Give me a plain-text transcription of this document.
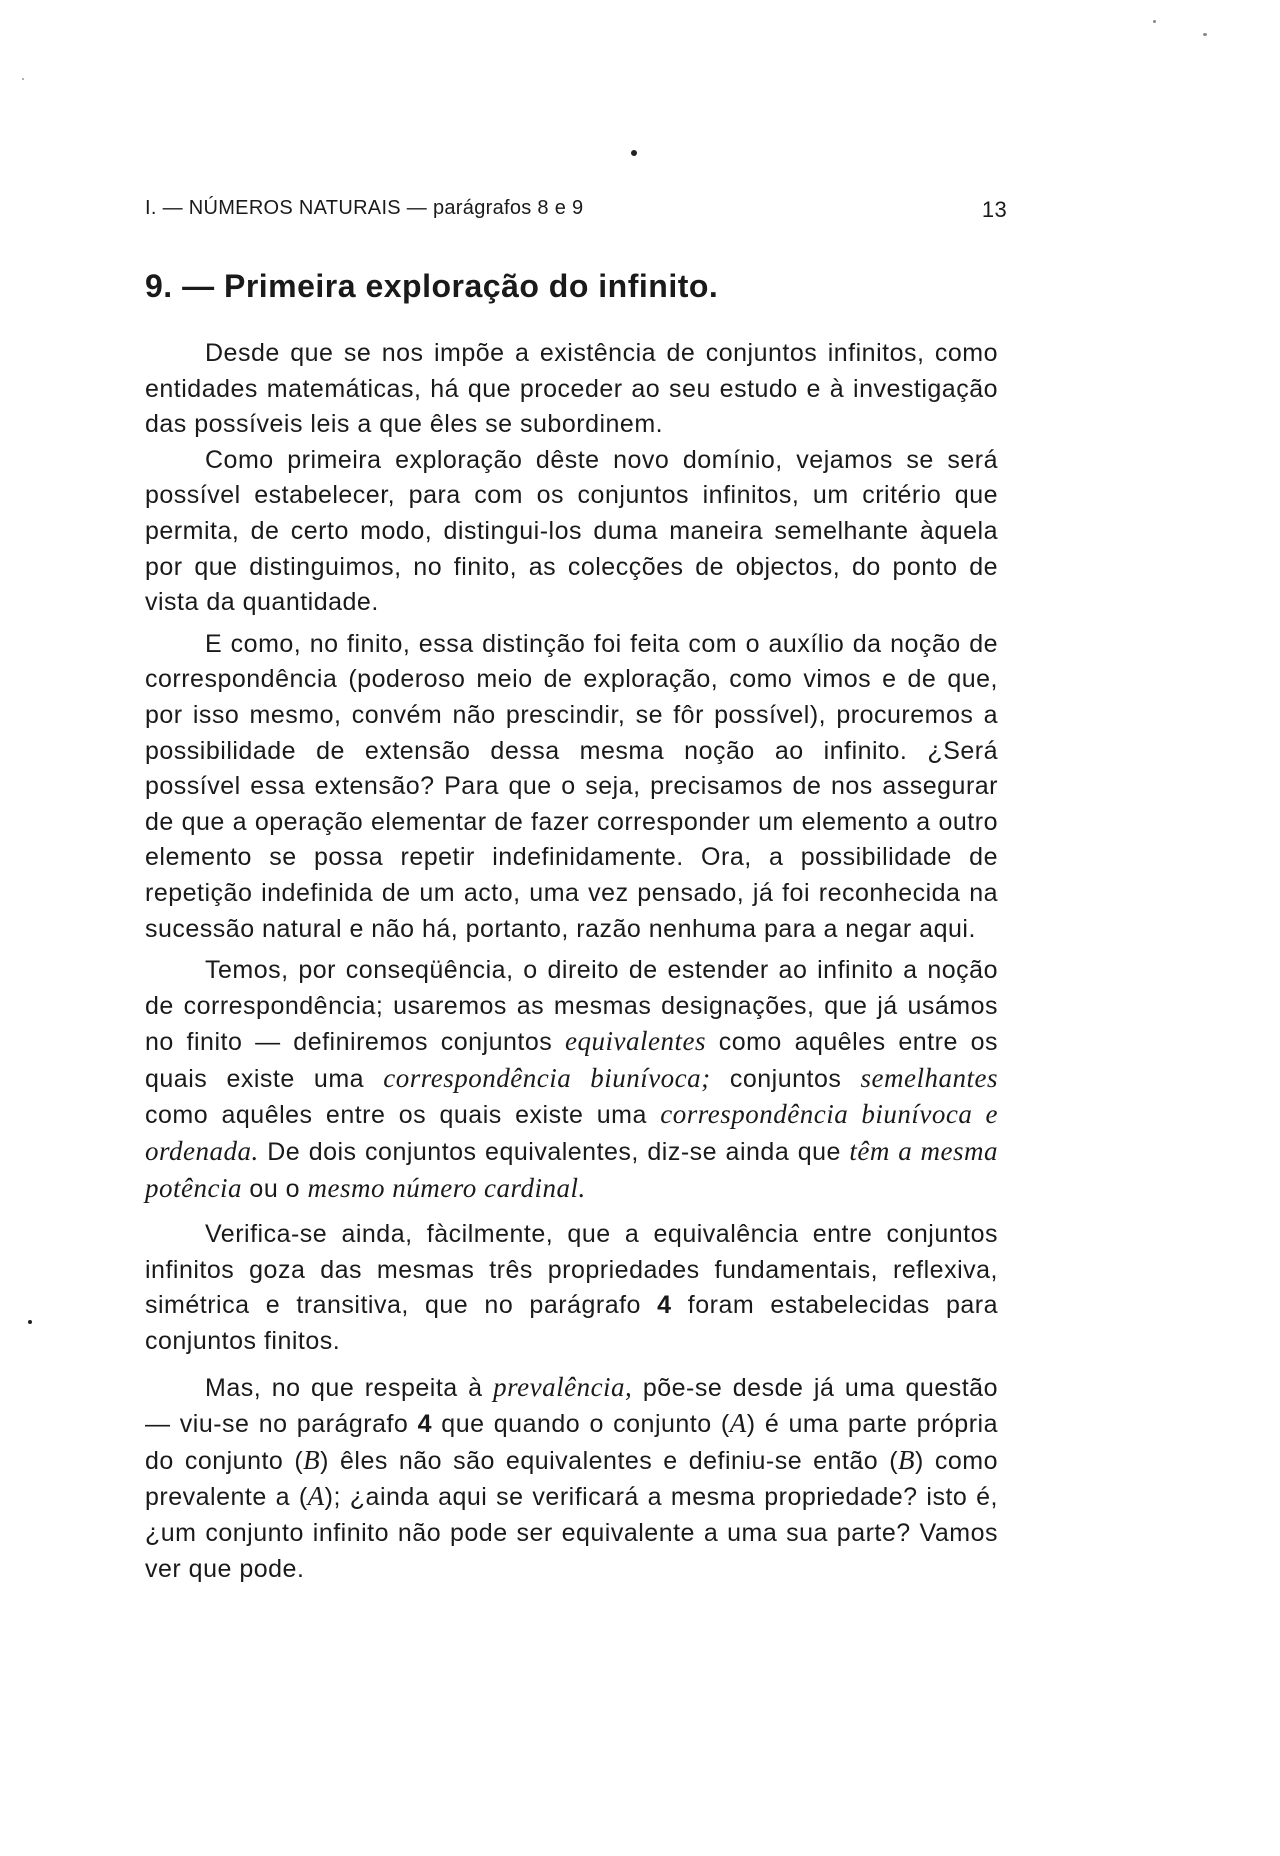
I. — NÚMEROS NATURAIS — parágrafos 8 e 9	13
9. — Primeira exploração do infinito.

Desde que se nos impõe a existência de conjuntos infinitos, como entidades matemáticas, há que proceder ao seu estudo e à investigação das possíveis leis a que êles se subordinem.

Como primeira exploração dêste novo domínio, vejamos se será possível estabelecer, para com os conjuntos infinitos, um critério que permita, de certo modo, distingui-los duma maneira semelhante àquela por que distinguimos, no finito, as colecções de objectos, do ponto de vista da quantidade.

E como, no finito, essa distinção foi feita com o auxílio da noção de correspondência (poderoso meio de exploração, como vimos e de que, por isso mesmo, convém não prescindir, se fôr possível), procuremos a possibilidade de extensão dessa mesma noção ao infinito. ¿Será possível essa extensão? Para que o seja, precisamos de nos assegurar de que a operação elementar de fazer corresponder um elemento a outro elemento se possa repetir indefinidamente. Ora, a possibilidade de repetição indefinida de um acto, uma vez pensado, já foi reconhecida na sucessão natural e não há, portanto, razão nenhuma para a negar aqui.

Temos, por conseqüência, o direito de estender ao infinito a noção de correspondência; usaremos as mesmas designações, que já usámos no finito — definiremos conjuntos equivalentes como aquêles entre os quais existe uma correspondência biunívoca; conjuntos semelhantes como aquêles entre os quais existe uma correspondência biunívoca e ordenada. De dois conjuntos equivalentes, diz-se ainda que têm a mesma potência ou o mesmo número cardinal.

Verifica-se ainda, fàcilmente, que a equivalência entre conjuntos infinitos goza das mesmas três propriedades fundamentais, reflexiva, simétrica e transitiva, que no parágrafo 4 foram estabelecidas para conjuntos finitos.

Mas, no que respeita à prevalência, põe-se desde já uma questão — viu-se no parágrafo 4 que quando o conjunto (A) é uma parte própria do conjunto (B) êles não são equivalentes e definiu-se então (B) como prevalente a (A); ¿ainda aqui se verificará a mesma propriedade? isto é, ¿um conjunto infinito não pode ser equivalente a uma sua parte? Vamos ver que pode.
